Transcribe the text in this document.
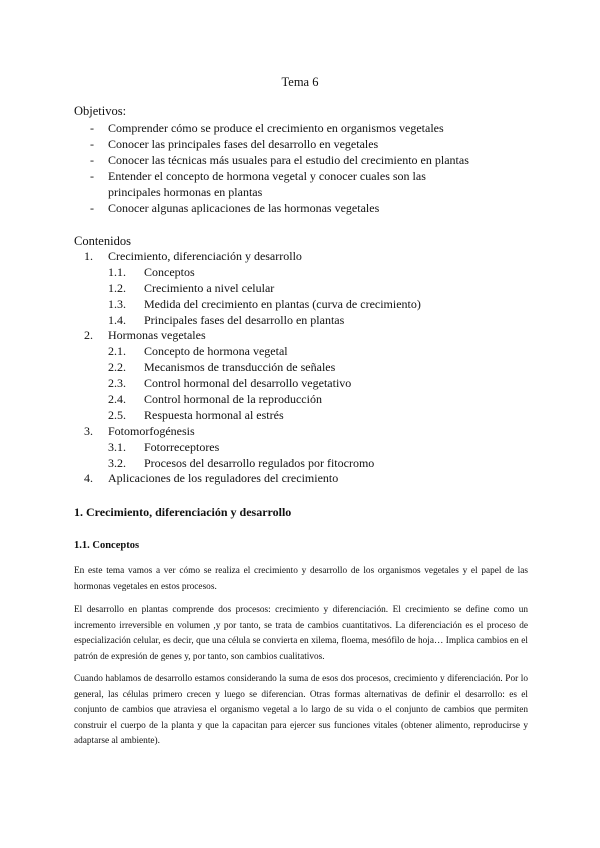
Tema 6
Objetivos:
- Comprender cómo se produce el crecimiento en organismos vegetales
- Conocer las principales fases del desarrollo en vegetales
- Conocer las técnicas más usuales para el estudio del crecimiento en plantas
- Entender el concepto de hormona vegetal y conocer cuales son las principales hormonas en plantas
- Conocer algunas aplicaciones de las hormonas vegetales
Contenidos
1. Crecimiento, diferenciación y desarrollo
1.1. Conceptos
1.2. Crecimiento a nivel celular
1.3. Medida del crecimiento en plantas (curva de crecimiento)
1.4. Principales fases del desarrollo en plantas
2. Hormonas vegetales
2.1. Concepto de hormona vegetal
2.2. Mecanismos de transducción de señales
2.3. Control hormonal del desarrollo vegetativo
2.4. Control hormonal de la reproducción
2.5. Respuesta hormonal al estrés
3. Fotomorfogénesis
3.1. Fotorreceptores
3.2. Procesos del desarrollo regulados por fitocromo
4. Aplicaciones de los reguladores del crecimiento
1. Crecimiento, diferenciación y desarrollo
1.1. Conceptos

En este tema vamos a ver cómo se realiza el crecimiento y desarrollo de los organismos vegetales y el papel de las hormonas vegetales en estos procesos.

El desarrollo en plantas comprende dos procesos: crecimiento y diferenciación. El crecimiento se define como un incremento irreversible en volumen ,y por tanto, se trata de cambios cuantitativos. La diferenciación es el proceso de especialización celular, es decir, que una célula se convierta en xilema, floema, mesófilo de hoja… Implica cambios en el patrón de expresión de genes y, por tanto, son cambios cualitativos.

Cuando hablamos de desarrollo estamos considerando la suma de esos dos procesos, crecimiento y diferenciación. Por lo general, las células primero crecen y luego se diferencian. Otras formas alternativas de definir el desarrollo: es el conjunto de cambios que atraviesa el organismo vegetal a lo largo de su vida o el conjunto de cambios que permiten construir el cuerpo de la planta y que la capacitan para ejercer sus funciones vitales (obtener alimento, reproducirse y adaptarse al ambiente).
